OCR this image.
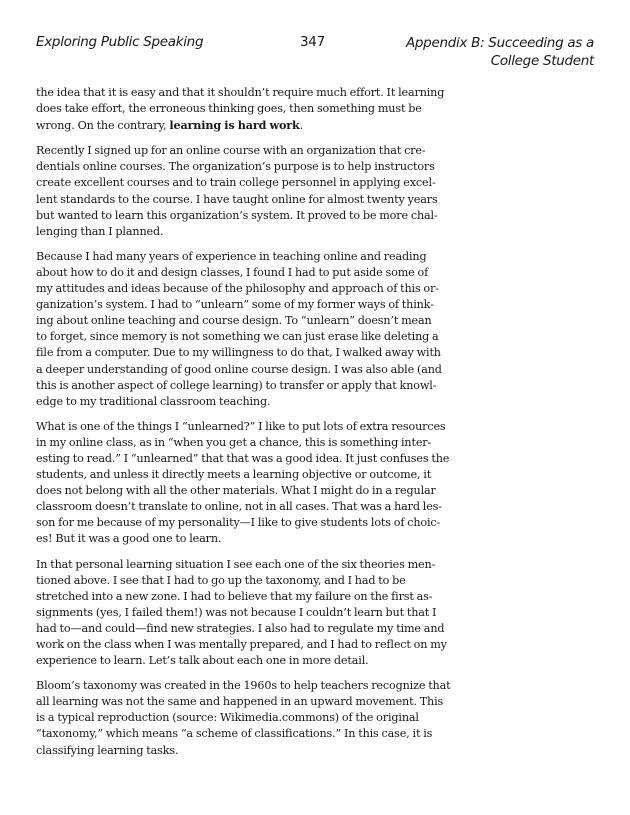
Exploring Public Speaking	347	Appendix B: Succeeding as a
College Student

the idea that it is easy and that it shouldn’t require much effort. It learning
does take effort, the erroneous thinking goes, then something must be
wrong. On the contrary, learning is hard work.

Recently I signed up for an online course with an organization that cre-
dentials online courses. The organization’s purpose is to help instructors
create excellent courses and to train college personnel in applying excel-
lent standards to the course. I have taught online for almost twenty years
but wanted to learn this organization’s system. It proved to be more chal-
lenging than I planned.

Because I had many years of experience in teaching online and reading
about how to do it and design classes, I found I had to put aside some of
my attitudes and ideas because of the philosophy and approach of this or-
ganization’s system. I had to “unlearn” some of my former ways of think-
ing about online teaching and course design. To “unlearn” doesn’t mean
to forget, since memory is not something we can just erase like deleting a
file from a computer. Due to my willingness to do that, I walked away with
a deeper understanding of good online course design. I was also able (and
this is another aspect of college learning) to transfer or apply that knowl-
edge to my traditional classroom teaching.

What is one of the things I “unlearned?” I like to put lots of extra resources
in my online class, as in “when you get a chance, this is something inter-
esting to read.” I “unlearned” that that was a good idea. It just confuses the
students, and unless it directly meets a learning objective or outcome, it
does not belong with all the other materials. What I might do in a regular
classroom doesn’t translate to online, not in all cases. That was a hard les-
son for me because of my personality—I like to give students lots of choic-
es! But it was a good one to learn.

In that personal learning situation I see each one of the six theories men-
tioned above. I see that I had to go up the taxonomy, and I had to be
stretched into a new zone. I had to believe that my failure on the first as-
signments (yes, I failed them!) was not because I couldn’t learn but that I
had to—and could—find new strategies. I also had to regulate my time and
work on the class when I was mentally prepared, and I had to reflect on my
experience to learn. Let’s talk about each one in more detail.

Bloom’s taxonomy was created in the 1960s to help teachers recognize that
all learning was not the same and happened in an upward movement. This
is a typical reproduction (source: Wikimedia.commons) of the original
“taxonomy,” which means “a scheme of classifications.” In this case, it is
classifying learning tasks.
